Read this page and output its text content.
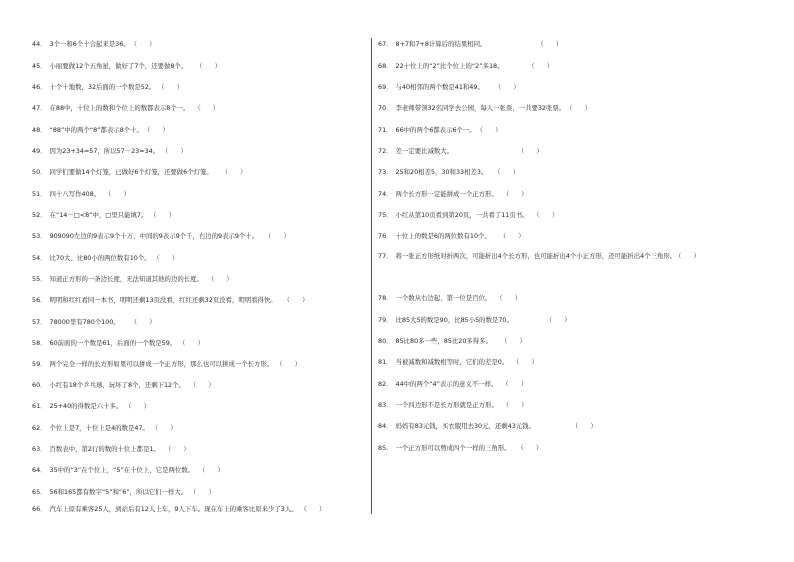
44． 3个一和6个十合起来是36。 （      ）
45． 小丽要做12个五角星，做好了7个，还要做8个。 （      ）
46． 十个十地数，32后面的一个数是52。 （      ）
47． 在88中，十位上的数和个位上的数都表示8个一。 （      ）
48． “88”中的两个“8”都表示8个十。 （      ）
49． 因为23+34=57，所以57－23=34。 （      ）
50． 同学们要做14个灯笼，已做好6个灯笼，还要做6个灯笼。 （      ）
51． 四十八写作408。 （      ）
52． 在“14－□<8”中，□里只能填7。 （      ）
53． 909090左边的9表示9个十万，中间的9表示9个千，右边的9表示9个十。 （      ）
54． 比70大、比80小的两位数有10个。 （      ）
55． 知道正方形的一条边长度，无法知道其他的边的长度。 （      ）
56． 明明和红红看同一本书，明明还剩13页没看，红红还剩32页没看，明明看得快。 （      ）
57． 78000里有780个100。 （      ）
58． 60前面的一个数是61，后面的一个数是59。 （      ）
59． 两个完全一样的长方形如果可以拼成一个正方形，那么也可以拼成一个长方形。 （      ）
60． 小红有18个乒乓球，玩坏了8个，还剩下12个。 （      ）
61． 25+40的得数是六十多。 （      ）
62． 个位上是7，十位上是4的数是47。 （      ）
63． 百数表中，第2行的数的十位上都是1。 （      ）
64． 35中的“3”在个位上，“5”在十位上，它是两位数。 （      ）
65． 56和165都有数字“5”和“6”，所以它们一样大。 （      ）
66． 汽车上原有乘客25人，到站后有12人上车，9人下车。现在车上的乘客比原来少了3人。 （      ）
67． 8+7和7+8计算后的结果相同。	（      ）
68． 22十位上的“2”比个位上的“2”多18。	（      ）
69． 与40相邻的两个数是41和49。 （      ）
70． 李老师带领32名同学去公园，每人一张票，一共要32张票。 （      ）
71． 66中的两个6都表示6个一。 （      ）
72． 差一定要比减数大。	（      ）
73． 25和20相差5，30和33相差3。 （      ）
74． 两个长方形一定能拼成一个正方形。 （      ）
75． 小红从第10页看到第20页，一共看了11页书。 （      ）
76． 十位上的数是6的两位数有10个。 （      ）
77． 将一张正方形纸对折两次，可能折出4个长方形，也可能折出4个小正方形，还可能折出4个三角形。 （      ）
78． 一个数从右边起，第一位是百位。 （      ）
79． 比85大5的数是90，比85小5的数是70。	（      ）
80． 85比80多一些，85比20多得多。 （      ）
81． 当被减数和减数相等时，它们的差是0。 （      ）
82． 44中的两个“4”表示的意义不一样。 （      ）
83． 一个四边形不是长方形就是正方形。 （      ）
84． 妈妈有83元钱，买衣服用去30元，还剩43元钱。	（      ）
85． 一个正方形可以剪成四个一样的三角形。 （      ）
